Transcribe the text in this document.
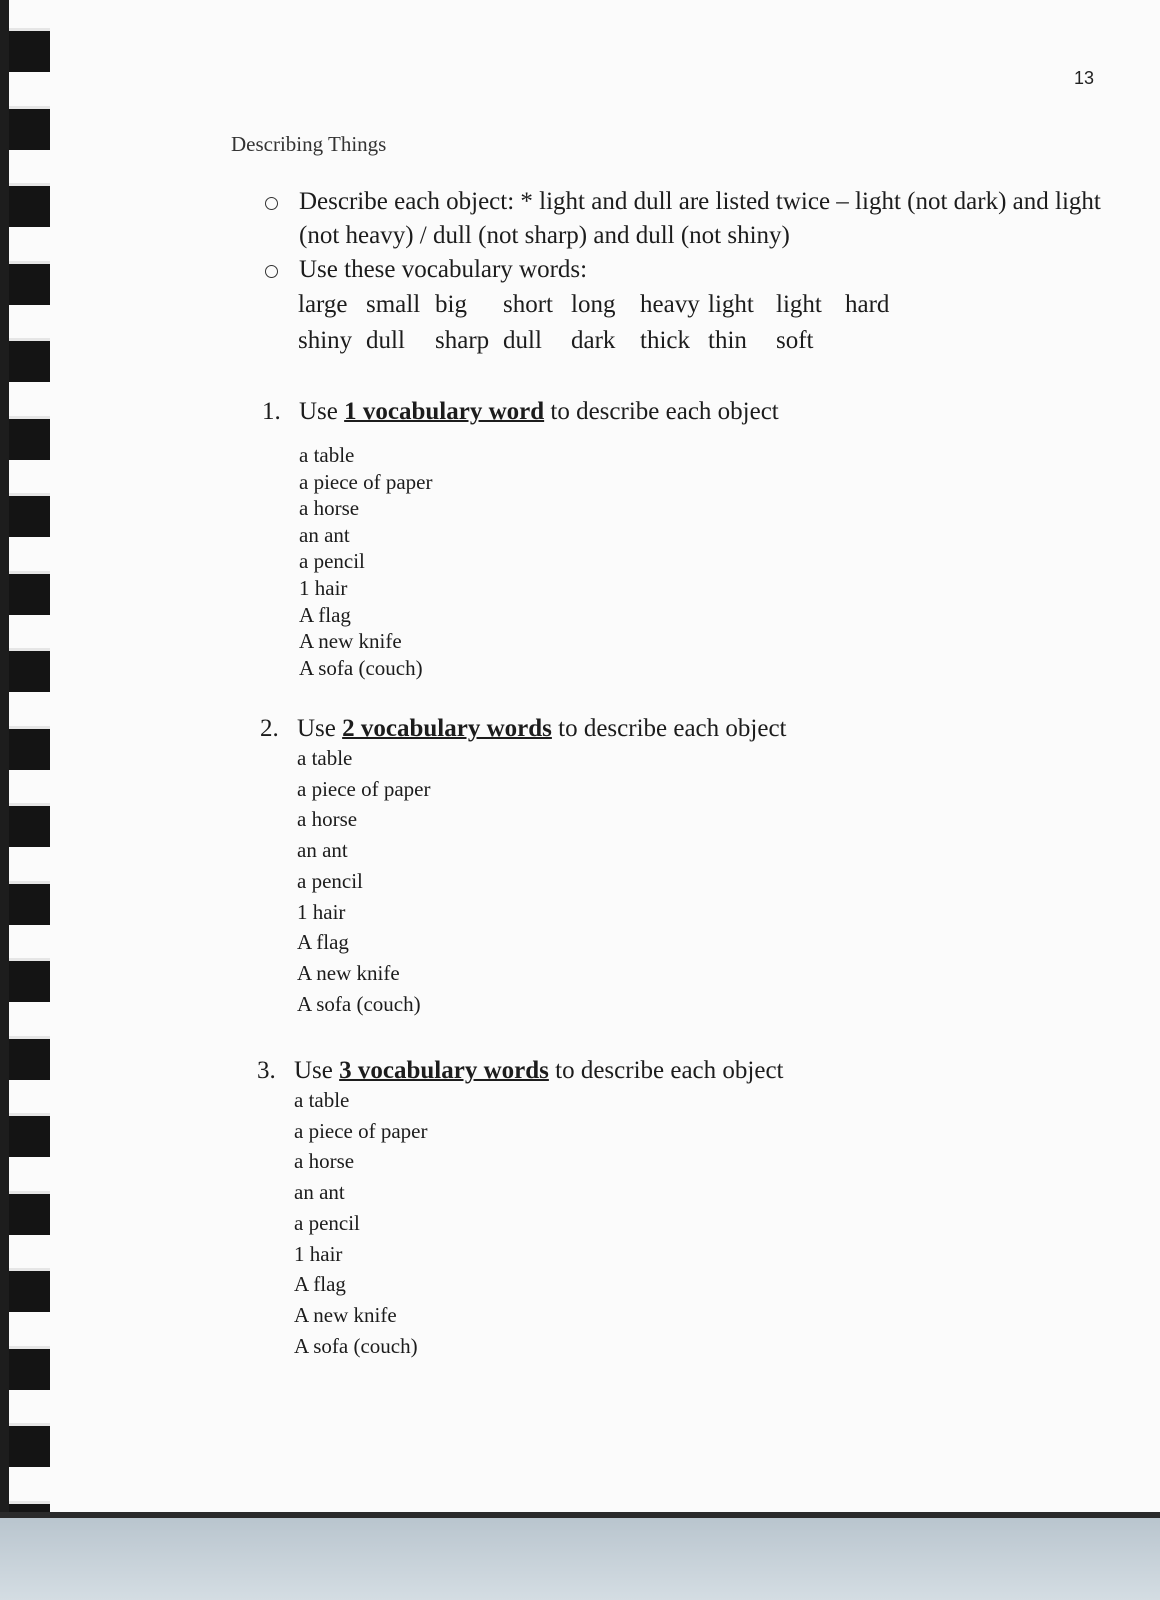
13
Describing Things
Describe each object: * light and dull are listed twice – light (not dark) and light (not heavy) / dull (not sharp) and dull (not shiny)
Use these vocabulary words:
large small big short long heavy light light hard
shiny dull sharp dull dark thick thin soft
1. Use 1 vocabulary word to describe each object
a table
a piece of paper
a horse
an ant
a pencil
1 hair
A flag
A new knife
A sofa (couch)
2. Use 2 vocabulary words to describe each object
a table
a piece of paper
a horse
an ant
a pencil
1 hair
A flag
A new knife
A sofa (couch)
3. Use 3 vocabulary words to describe each object
a table
a piece of paper
a horse
an ant
a pencil
1 hair
A flag
A new knife
A sofa (couch)
